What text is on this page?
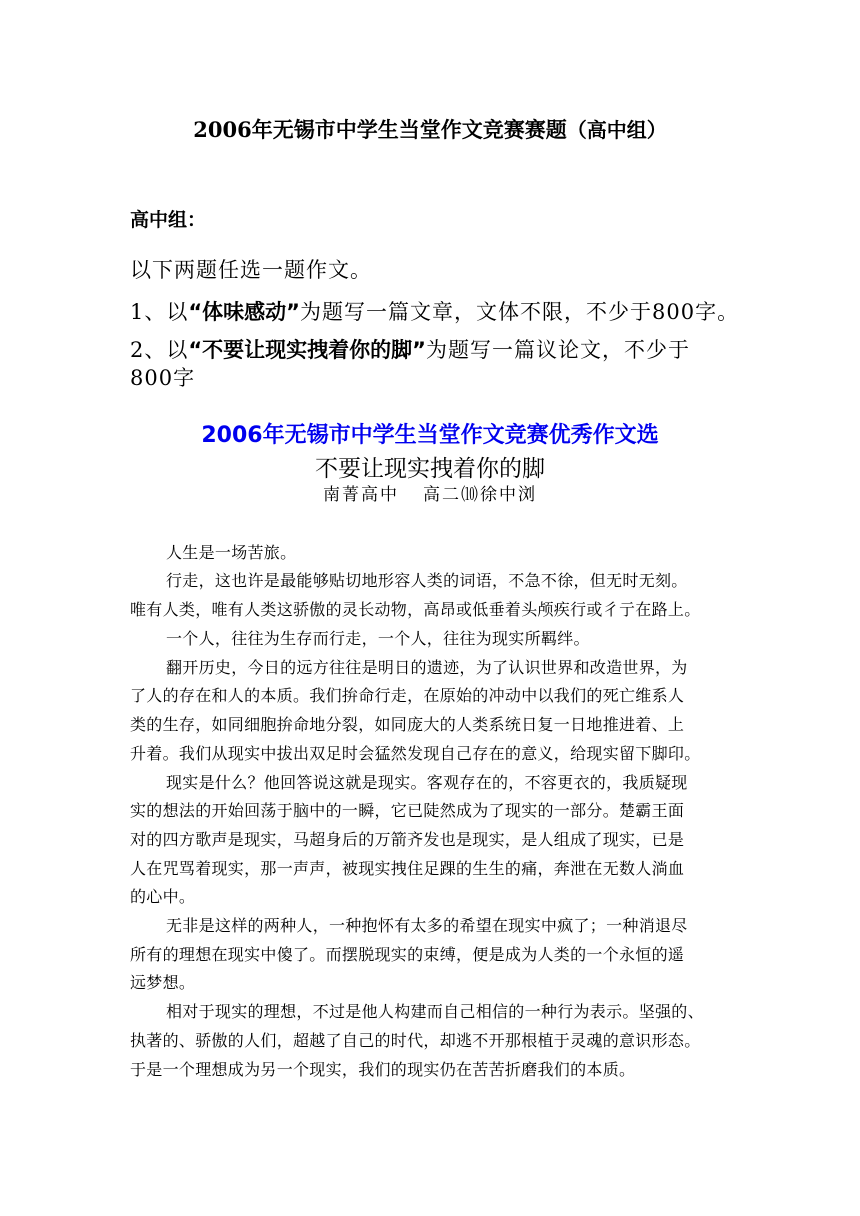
2006年无锡市中学生当堂作文竞赛赛题（高中组）
高中组：
以下两题任选一题作文。
1、以“体味感动”为题写一篇文章，文体不限，不少于800字。
2、以“不要让现实拽着你的脚”为题写一篇议论文，不少于
800字
2006年无锡市中学生当堂作文竞赛优秀作文选
不要让现实拽着你的脚
南菁高中 高二⑽徐中浏
人生是一场苦旅。
行走，这也许是最能够贴切地形容人类的词语，不急不徐，但无时无刻。
唯有人类，唯有人类这骄傲的灵长动物，高昂或低垂着头颅疾行或彳亍在路上。
一个人，往往为生存而行走，一个人，往往为现实所羁绊。
翻开历史，今日的远方往往是明日的遗迹，为了认识世界和改造世界，为
了人的存在和人的本质。我们拚命行走，在原始的冲动中以我们的死亡维系人
类的生存，如同细胞拚命地分裂，如同庞大的人类系统日复一日地推进着、上
升着。我们从现实中拔出双足时会猛然发现自己存在的意义，给现实留下脚印。
现实是什么？他回答说这就是现实。客观存在的，不容更衣的，我质疑现
实的想法的开始回荡于脑中的一瞬，它已陡然成为了现实的一部分。楚霸王面
对的四方歌声是现实，马超身后的万箭齐发也是现实，是人组成了现实，已是
人在咒骂着现实，那一声声，被现实拽住足踝的生生的痛，奔泄在无数人淌血
的心中。
无非是这样的两种人，一种抱怀有太多的希望在现实中疯了；一种消退尽
所有的理想在现实中傻了。而摆脱现实的束缚，便是成为人类的一个永恒的遥
远梦想。
相对于现实的理想，不过是他人构建而自己相信的一种行为表示。坚强的、
执著的、骄傲的人们，超越了自己的时代，却逃不开那根植于灵魂的意识形态。
于是一个理想成为另一个现实，我们的现实仍在苦苦折磨我们的本质。
